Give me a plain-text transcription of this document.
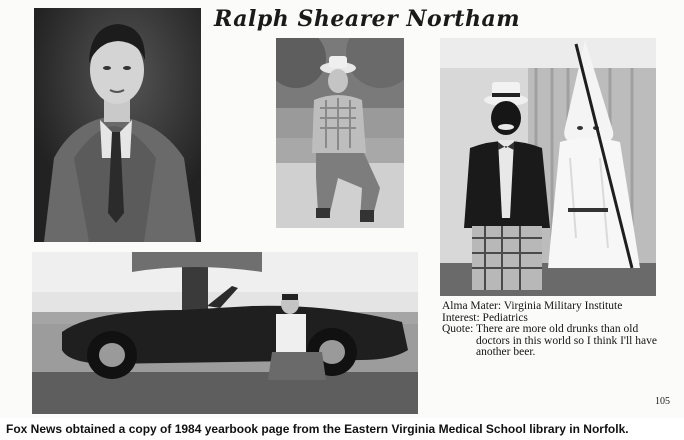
Ralph Shearer Northam
Alma Mater: Virginia Military Institute
Interest: Pediatrics
Quote: There are more old drunks than old
doctors in this world so I think I'll have
another beer.
105
Fox News obtained a copy of 1984 yearbook page from the Eastern Virginia Medical School library in Norfolk.
